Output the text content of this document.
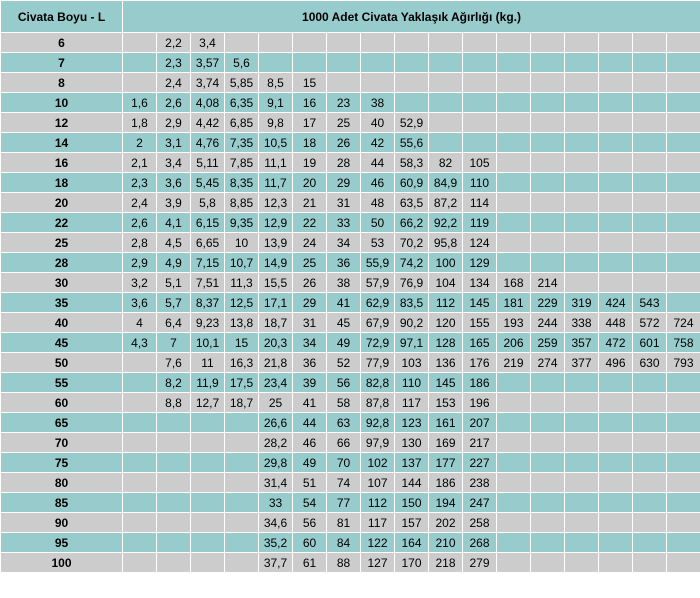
Civata Boyu - L	1000 Adet Civata Yaklaşık Ağırlığı (kg.)																
6		2,2	3,4														
7		2,3	3,57	5,6													
8		2,4	3,74	5,85	8,5	15											
10	1,6	2,6	4,08	6,35	9,1	16	23	38									
12	1,8	2,9	4,42	6,85	9,8	17	25	40	52,9								
14	2	3,1	4,76	7,35	10,5	18	26	42	55,6								
16	2,1	3,4	5,11	7,85	11,1	19	28	44	58,3	82	105						
18	2,3	3,6	5,45	8,35	11,7	20	29	46	60,9	84,9	110						
20	2,4	3,9	5,8	8,85	12,3	21	31	48	63,5	87,2	114						
22	2,6	4,1	6,15	9,35	12,9	22	33	50	66,2	92,2	119						
25	2,8	4,5	6,65	10	13,9	24	34	53	70,2	95,8	124						
28	2,9	4,9	7,15	10,7	14,9	25	36	55,9	74,2	100	129						
30	3,2	5,1	7,51	11,3	15,5	26	38	57,9	76,9	104	134	168	214				
35	3,6	5,7	8,37	12,5	17,1	29	41	62,9	83,5	112	145	181	229	319	424	543	
40	4	6,4	9,23	13,8	18,7	31	45	67,9	90,2	120	155	193	244	338	448	572	724
45	4,3	7	10,1	15	20,3	34	49	72,9	97,1	128	165	206	259	357	472	601	758
50		7,6	11	16,3	21,8	36	52	77,9	103	136	176	219	274	377	496	630	793
55		8,2	11,9	17,5	23,4	39	56	82,8	110	145	186						
60		8,8	12,7	18,7	25	41	58	87,8	117	153	196						
65					26,6	44	63	92,8	123	161	207						
70					28,2	46	66	97,9	130	169	217						
75					29,8	49	70	102	137	177	227						
80					31,4	51	74	107	144	186	238						
85					33	54	77	112	150	194	247						
90					34,6	56	81	117	157	202	258						
95					35,2	60	84	122	164	210	268						
100					37,7	61	88	127	170	218	279						
